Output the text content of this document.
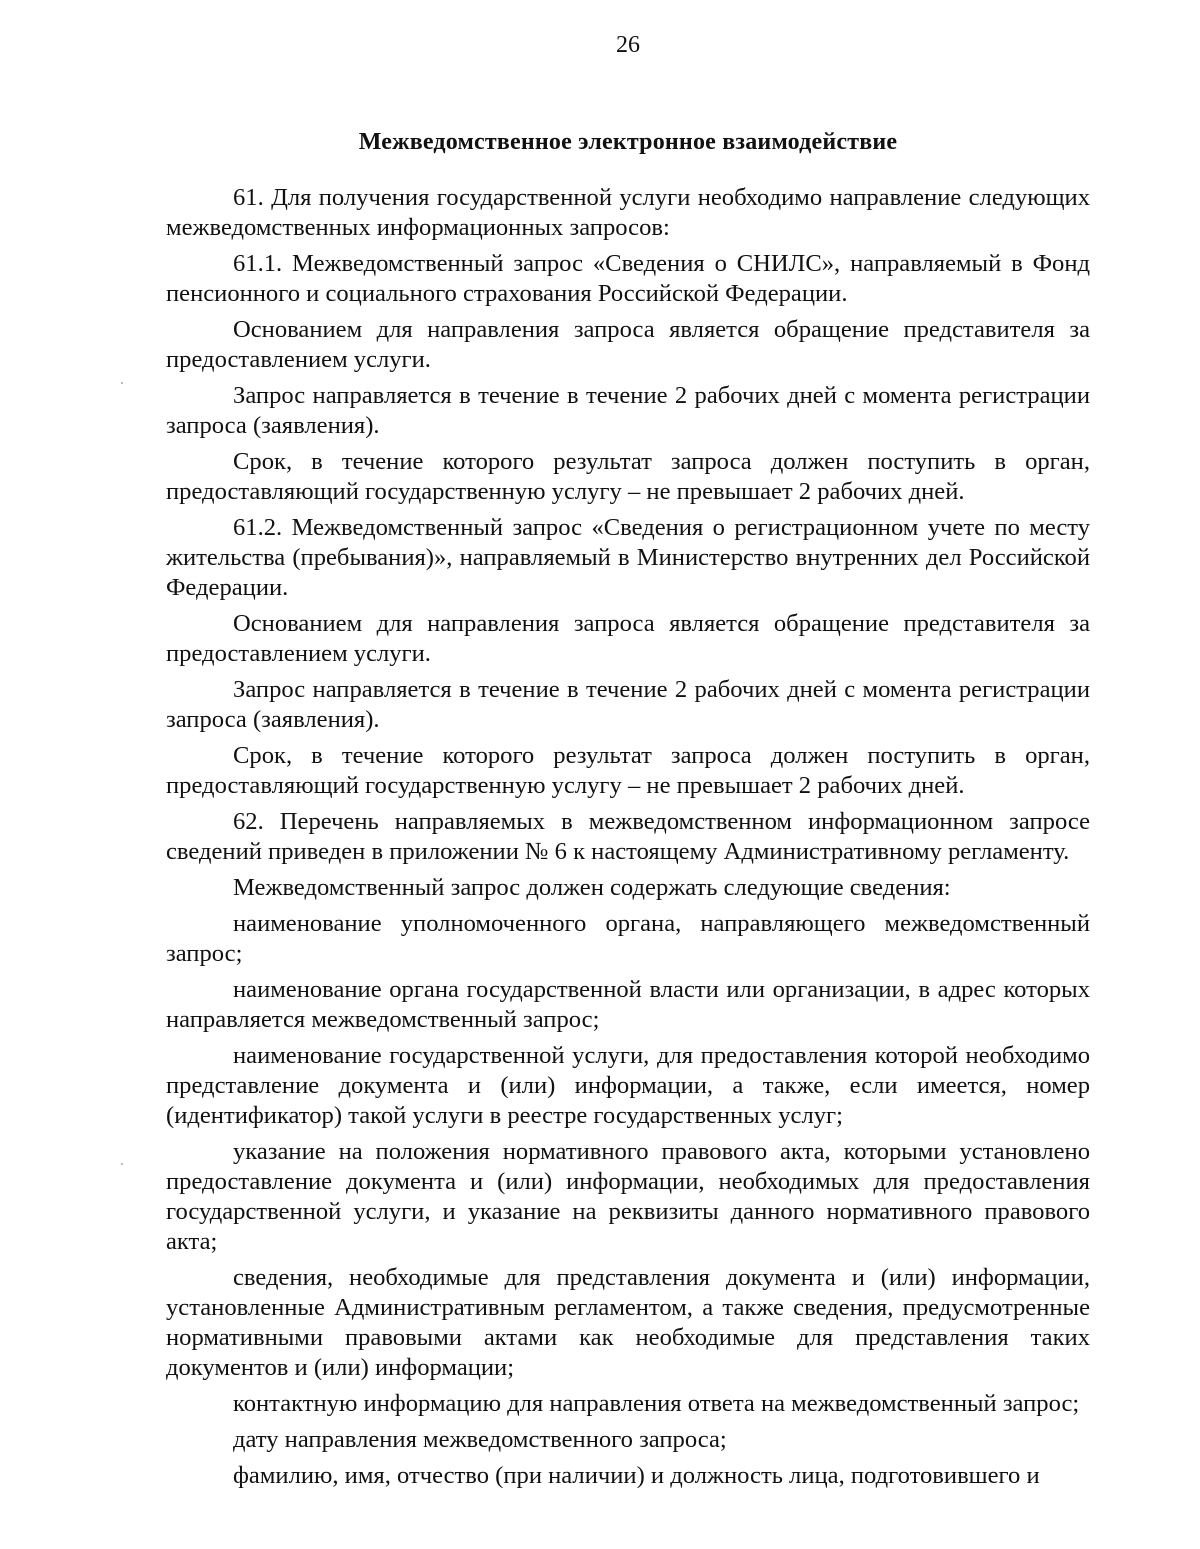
26
Межведомственное электронное взаимодействие

61. Для получения государственной услуги необходимо направление следующих межведомственных информационных запросов:

61.1. Межведомственный запрос «Сведения о СНИЛС», направляемый в Фонд пенсионного и социального страхования Российской Федерации.

Основанием для направления запроса является обращение представителя за предоставлением услуги.

Запрос направляется в течение в течение 2 рабочих дней с момента регистрации запроса (заявления).

Срок, в течение которого результат запроса должен поступить в орган, предоставляющий государственную услугу – не превышает 2 рабочих дней.

61.2. Межведомственный запрос «Сведения о регистрационном учете по месту жительства (пребывания)», направляемый в Министерство внутренних дел Российской Федерации.

Основанием для направления запроса является обращение представителя за предоставлением услуги.

Запрос направляется в течение в течение 2 рабочих дней с момента регистрации запроса (заявления).

Срок, в течение которого результат запроса должен поступить в орган, предоставляющий государственную услугу – не превышает 2 рабочих дней.

62. Перечень направляемых в межведомственном информационном запросе сведений приведен в приложении № 6 к настоящему Административному регламенту.

Межведомственный запрос должен содержать следующие сведения:

наименование уполномоченного органа, направляющего межведомственный запрос;

наименование органа государственной власти или организации, в адрес которых направляется межведомственный запрос;

наименование государственной услуги, для предоставления которой необходимо представление документа и (или) информации, а также, если имеется, номер (идентификатор) такой услуги в реестре государственных услуг;

указание на положения нормативного правового акта, которыми установлено предоставление документа и (или) информации, необходимых для предоставления государственной услуги, и указание на реквизиты данного нормативного правового акта;

сведения, необходимые для представления документа и (или) информации, установленные Административным регламентом, а также сведения, предусмотренные нормативными правовыми актами как необходимые для представления таких документов и (или) информации;

контактную информацию для направления ответа на межведомственный запрос;

дату направления межведомственного запроса;

фамилию, имя, отчество (при наличии) и должность лица, подготовившего и
